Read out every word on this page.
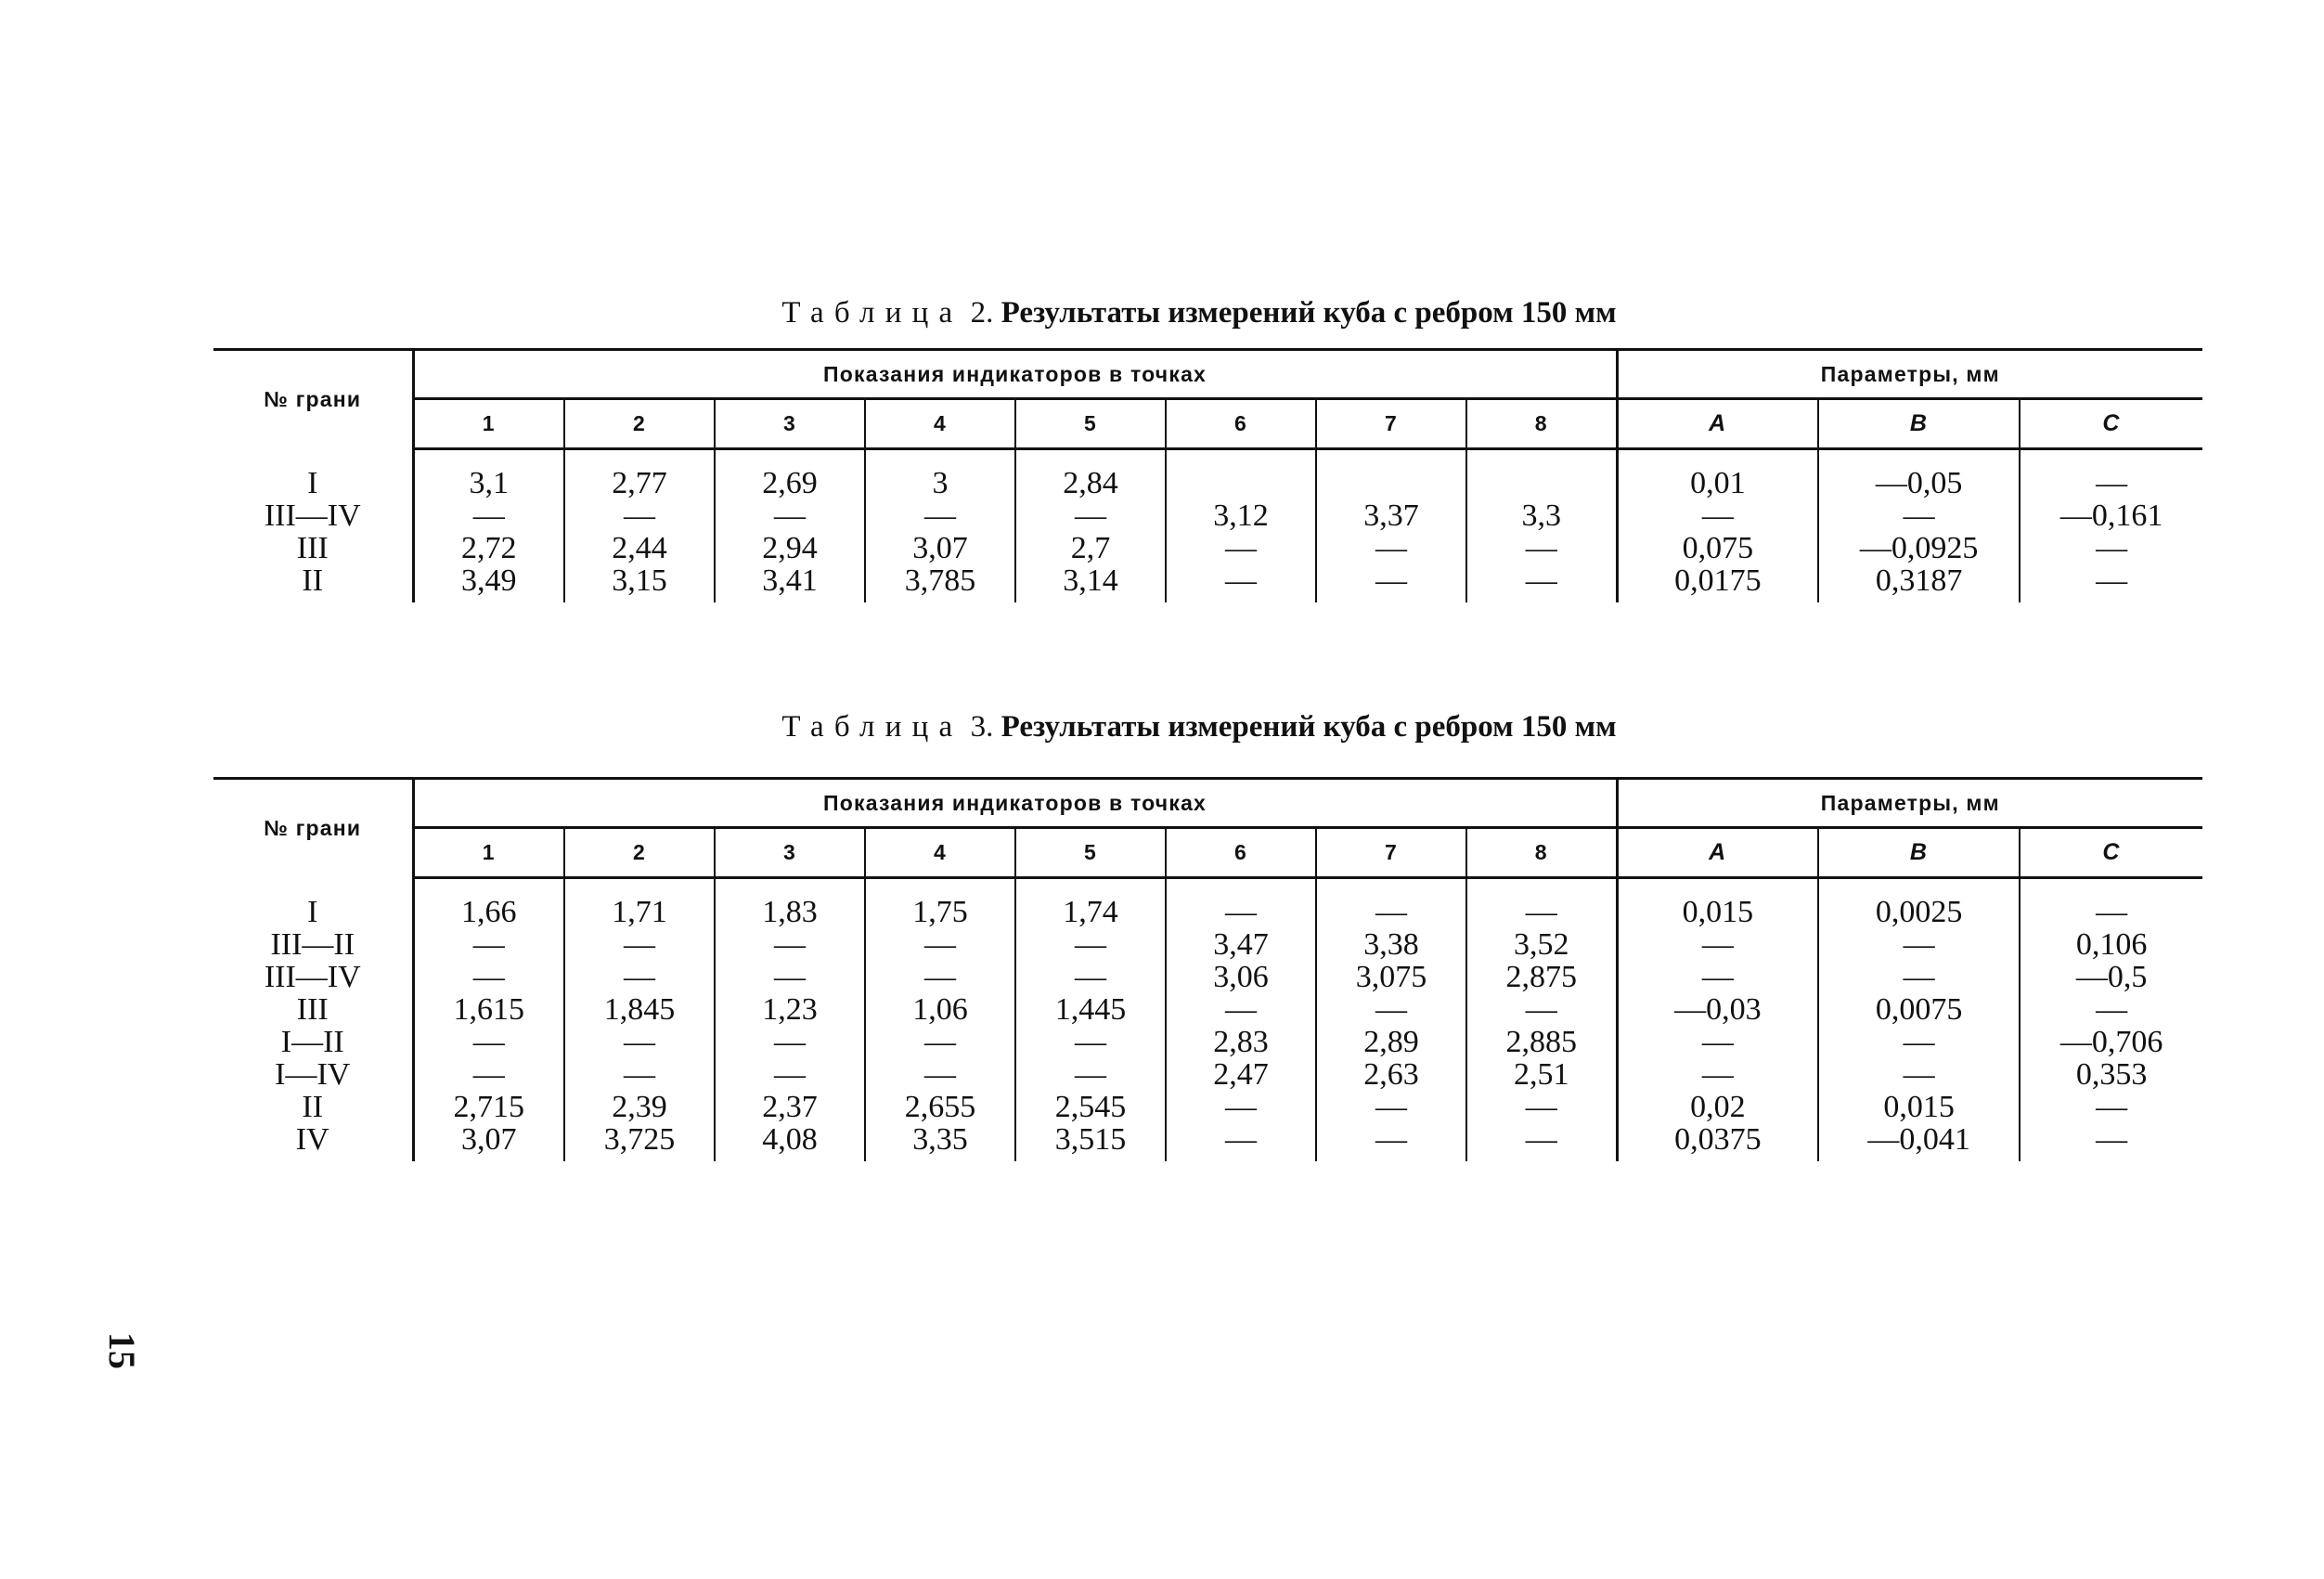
Таблица 2. Результаты измерений куба с ребром 150 мм
№ грани	Показания индикаторов в точках								Параметры, мм		
	1	2	3	4	5	6	7	8	A	B	C

I	3,1	2,77	2,69	3	2,84				0,01	—0,05	—
III—IV	—	—	—	—	—	3,12	3,37	3,3	—	—	—0,161
III	2,72	2,44	2,94	3,07	2,7	—	—	—	0,075	—0,0925	—
II	3,49	3,15	3,41	3,785	3,14	—	—	—	0,0175	0,3187	—

Таблица 3. Результаты измерений куба с ребром 150 мм
№ грани	Показания индикаторов в точках								Параметры, мм		
	1	2	3	4	5	6	7	8	A	B	C

I	1,66	1,71	1,83	1,75	1,74	—	—	—	0,015	0,0025	—
III—II	—	—	—	—	—	3,47	3,38	3,52	—	—	0,106
III—IV	—	—	—	—	—	3,06	3,075	2,875	—	—	—0,5
III	1,615	1,845	1,23	1,06	1,445	—	—	—	—0,03	0,0075	—
I—II	—	—	—	—	—	2,83	2,89	2,885	—	—	—0,706
I—IV	—	—	—	—	—	2,47	2,63	2,51	—	—	0,353
II	2,715	2,39	2,37	2,655	2,545	—	—	—	0,02	0,015	—
IV	3,07	3,725	4,08	3,35	3,515	—	—	—	0,0375	—0,041	—

15
